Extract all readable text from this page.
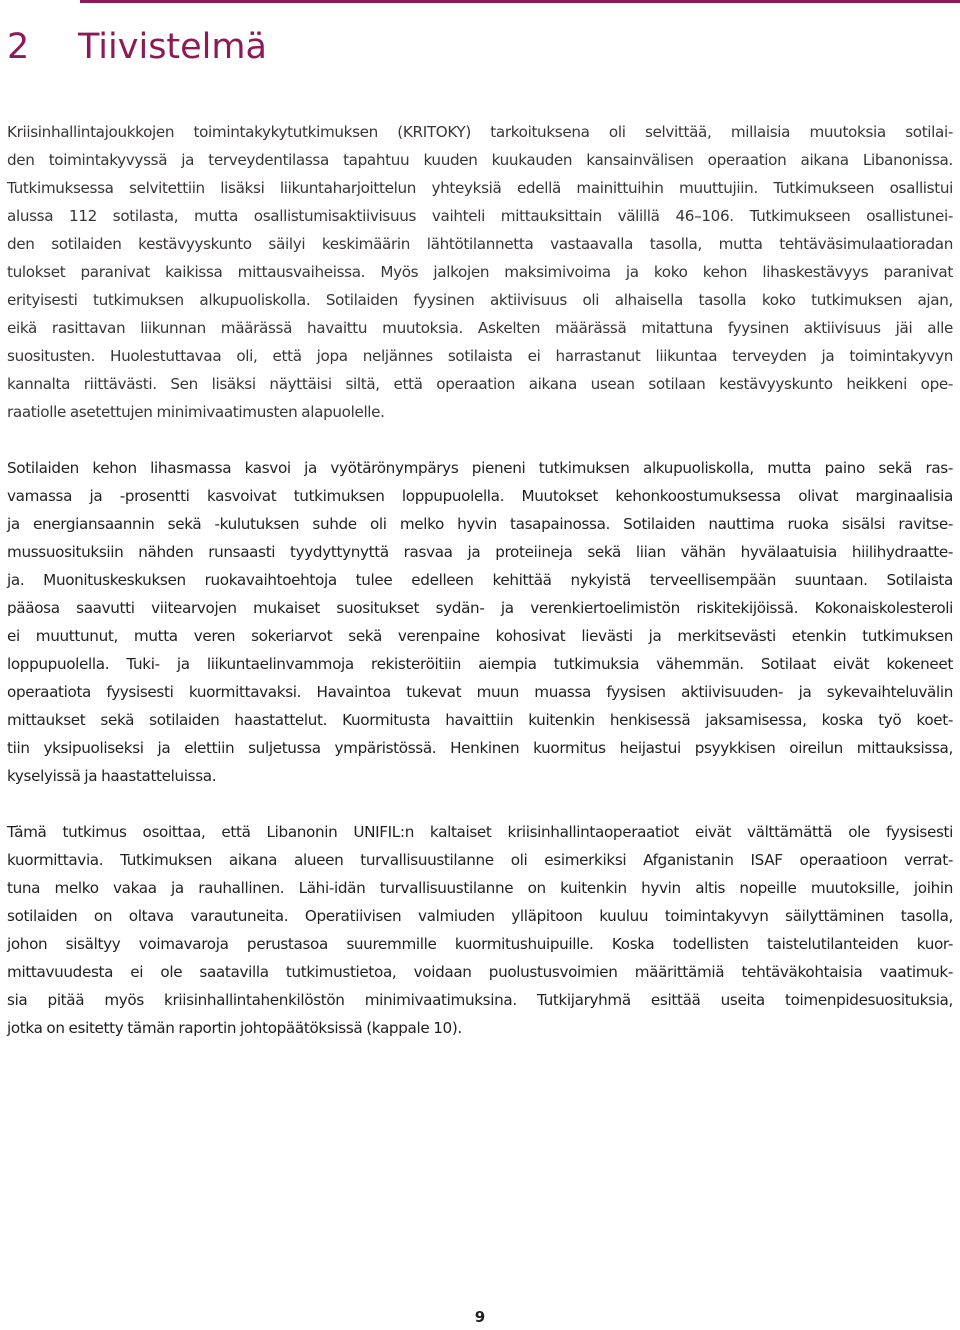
2	Tiivistelmä

Kriisinhallintajoukkojen toimintakykytutkimuksen (KRITOKY) tarkoituksena oli selvittää, millaisia muutoksia sotilai-
den toimintakyvyssä ja terveydentilassa tapahtuu kuuden kuukauden kansainvälisen operaation aikana Libanonissa.
Tutkimuksessa selvitettiin lisäksi liikuntaharjoittelun yhteyksiä edellä mainittuihin muuttujiin. Tutkimukseen osallistui
alussa 112 sotilasta, mutta osallistumisaktiivisuus vaihteli mittauksittain välillä 46–106. Tutkimukseen osallistunei-
den sotilaiden kestävyyskunto säilyi keskimäärin lähtötilannetta vastaavalla tasolla, mutta tehtäväsimulaatioradan
tulokset paranivat kaikissa mittausvaiheissa. Myös jalkojen maksimivoima ja koko kehon lihaskestävyys paranivat
erityisesti tutkimuksen alkupuoliskolla. Sotilaiden fyysinen aktiivisuus oli alhaisella tasolla koko tutkimuksen ajan,
eikä rasittavan liikunnan määrässä havaittu muutoksia. Askelten määrässä mitattuna fyysinen aktiivisuus jäi alle
suositusten. Huolestuttavaa oli, että jopa neljännes sotilaista ei harrastanut liikuntaa terveyden ja toimintakyvyn
kannalta riittävästi. Sen lisäksi näyttäisi siltä, että operaation aikana usean sotilaan kestävyyskunto heikkeni ope-
raatiolle asetettujen minimivaatimusten alapuolelle.

Sotilaiden kehon lihasmassa kasvoi ja vyötärönympärys pieneni tutkimuksen alkupuoliskolla, mutta paino sekä ras-
vamassa ja -prosentti kasvoivat tutkimuksen loppupuolella. Muutokset kehonkoostumuksessa olivat marginaalisia
ja energiansaannin sekä -kulutuksen suhde oli melko hyvin tasapainossa. Sotilaiden nauttima ruoka sisälsi ravitse-
mussuosituksiin nähden runsaasti tyydyttynyttä rasvaa ja proteiineja sekä liian vähän hyvälaatuisia hiilihydraatte-
ja. Muonituskeskuksen ruokavaihtoehtoja tulee edelleen kehittää nykyistä terveellisempään suuntaan. Sotilaista
pääosa saavutti viitearvojen mukaiset suositukset sydän- ja verenkiertoelimistön riskitekijöissä. Kokonaiskolesteroli
ei muuttunut, mutta veren sokeriarvot sekä verenpaine kohosivat lievästi ja merkitsevästi etenkin tutkimuksen
loppupuolella. Tuki- ja liikuntaelinvammoja rekisteröitiin aiempia tutkimuksia vähemmän. Sotilaat eivät kokeneet
operaatiota fyysisesti kuormittavaksi. Havaintoa tukevat muun muassa fyysisen aktiivisuuden- ja sykevaihteluvälin
mittaukset sekä sotilaiden haastattelut. Kuormitusta havaittiin kuitenkin henkisessä jaksamisessa, koska työ koet-
tiin yksipuoliseksi ja elettiin suljetussa ympäristössä. Henkinen kuormitus heijastui psyykkisen oireilun mittauksissa,
kyselyissä ja haastatteluissa.

Tämä tutkimus osoittaa, että Libanonin UNIFIL:n kaltaiset kriisinhallintaoperaatiot eivät välttämättä ole fyysisesti
kuormittavia. Tutkimuksen aikana alueen turvallisuustilanne oli esimerkiksi Afganistanin ISAF operaatioon verrat-
tuna melko vakaa ja rauhallinen. Lähi-idän turvallisuustilanne on kuitenkin hyvin altis nopeille muutoksille, joihin
sotilaiden on oltava varautuneita. Operatiivisen valmiuden ylläpitoon kuuluu toimintakyvyn säilyttäminen tasolla,
johon sisältyy voimavaroja perustasoa suuremmille kuormitushuipuille. Koska todellisten taistelutilanteiden kuor-
mittavuudesta ei ole saatavilla tutkimustietoa, voidaan puolustusvoimien määrittämiä tehtäväkohtaisia vaatimuk-
sia pitää myös kriisinhallintahenkilöstön minimivaatimuksina. Tutkijaryhmä esittää useita toimenpidesuosituksia,
jotka on esitetty tämän raportin johtopäätöksissä (kappale 10).

9
